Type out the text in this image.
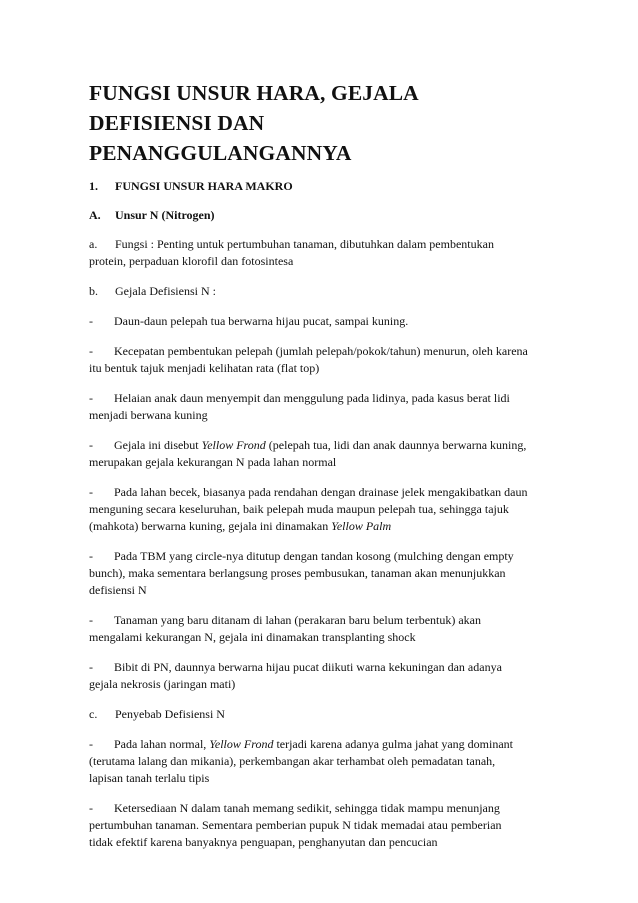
FUNGSI UNSUR HARA, GEJALA
DEFISIENSI DAN
PENANGGULANGANNYA
1. FUNGSI UNSUR HARA MAKRO
A. Unsur N (Nitrogen)
a. Fungsi : Penting untuk pertumbuhan tanaman, dibutuhkan dalam pembentukan
protein, perpaduan klorofil dan fotosintesa
b. Gejala Defisiensi N :
- Daun-daun pelepah tua berwarna hijau pucat, sampai kuning.
- Kecepatan pembentukan pelepah (jumlah pelepah/pokok/tahun) menurun, oleh karena
itu bentuk tajuk menjadi kelihatan rata (flat top)
- Helaian anak daun menyempit dan menggulung pada lidinya, pada kasus berat lidi
menjadi berwana kuning
- Gejala ini disebut Yellow Frond (pelepah tua, lidi dan anak daunnya berwarna kuning,
merupakan gejala kekurangan N pada lahan normal
- Pada lahan becek, biasanya pada rendahan dengan drainase jelek mengakibatkan daun
menguning secara keseluruhan, baik pelepah muda maupun pelepah tua, sehingga tajuk
(mahkota) berwarna kuning, gejala ini dinamakan Yellow Palm
- Pada TBM yang circle-nya ditutup dengan tandan kosong (mulching dengan empty
bunch), maka sementara berlangsung proses pembusukan, tanaman akan menunjukkan
defisiensi N
- Tanaman yang baru ditanam di lahan (perakaran baru belum terbentuk) akan
mengalami kekurangan N, gejala ini dinamakan transplanting shock
- Bibit di PN, daunnya berwarna hijau pucat diikuti warna kekuningan dan adanya
gejala nekrosis (jaringan mati)
c. Penyebab Defisiensi N
- Pada lahan normal, Yellow Frond terjadi karena adanya gulma jahat yang dominant
(terutama lalang dan mikania), perkembangan akar terhambat oleh pemadatan tanah,
lapisan tanah terlalu tipis
- Ketersediaan N dalam tanah memang sedikit, sehingga tidak mampu menunjang
pertumbuhan tanaman. Sementara pemberian pupuk N tidak memadai atau pemberian
tidak efektif karena banyaknya penguapan, penghanyutan dan pencucian
